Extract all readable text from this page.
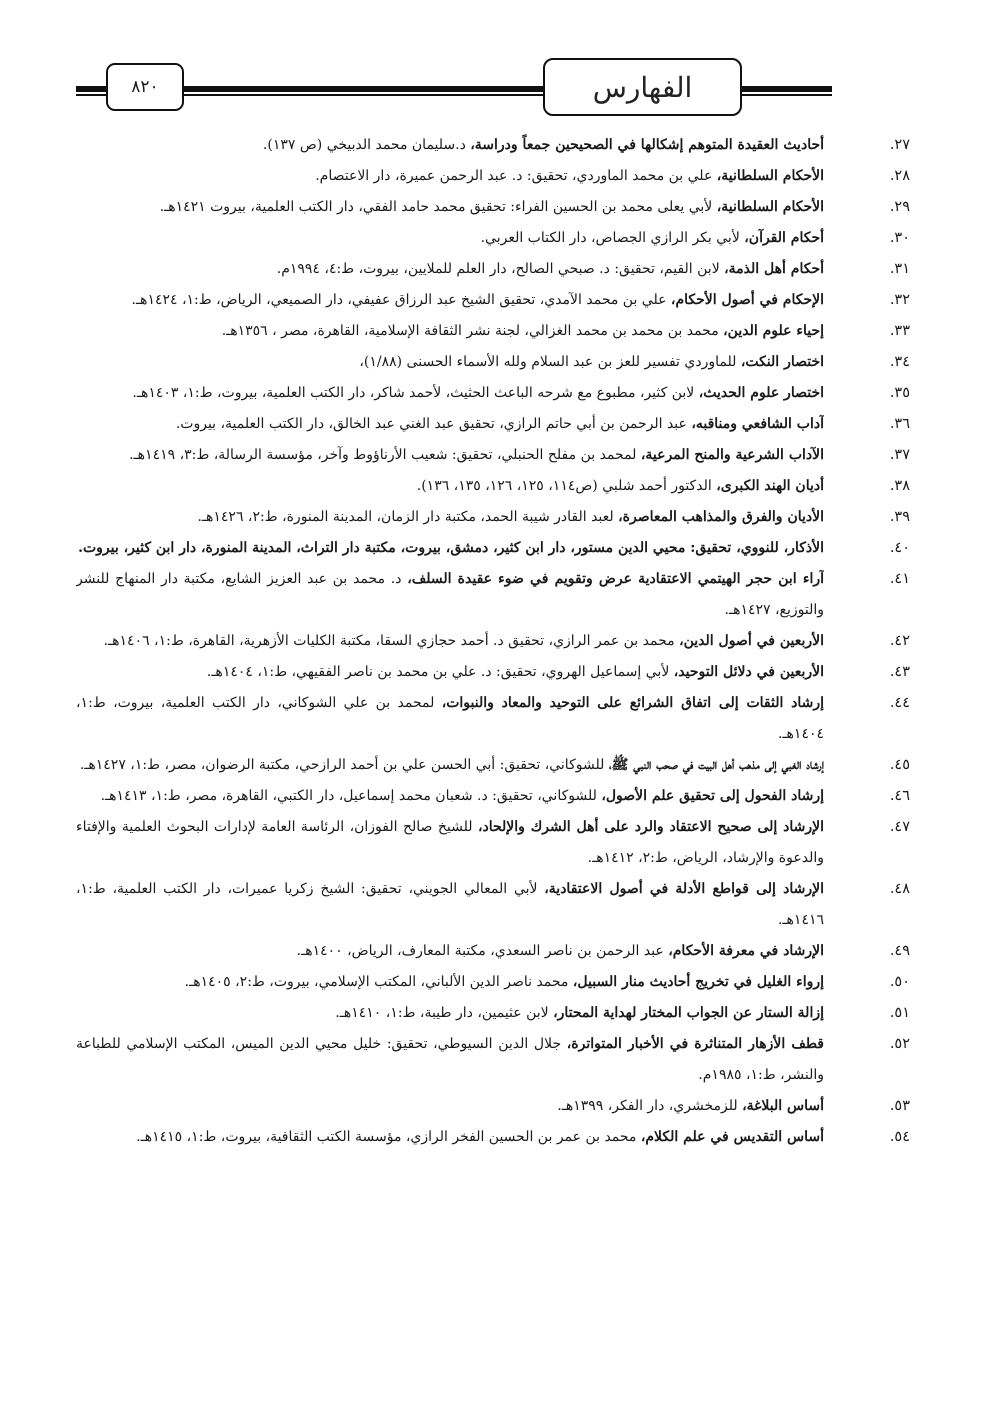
٨٢٠	الفهارس
٢٧.
أحاديث العقيدة المتوهم إشكالها في الصحيحين جمعاً ودراسة، د.سليمان محمد الدبيخي (ص ١٣٧).
٢٨.
الأحكام السلطانية، علي بن محمد الماوردي، تحقيق: د. عبد الرحمن عميرة، دار الاعتصام.
٢٩.
الأحكام السلطانية، لأبي يعلى محمد بن الحسين الفراء: تحقيق محمد حامد الفقي، دار الكتب العلمية، بيروت ١٤٢١هـ.
٣٠.
أحكام القرآن، لأبي بكر الرازي الجصاص، دار الكتاب العربي.
٣١.
أحكام أهل الذمة، لابن القيم، تحقيق: د. صبحي الصالح، دار العلم للملايين، بيروت، ط:٤، ١٩٩٤م.
٣٢.
الإحكام في أصول الأحكام، علي بن محمد الآمدي، تحقيق الشيخ عبد الرزاق عفيفي، دار الصميعي، الرياض، ط:١، ١٤٢٤هـ.
٣٣.
إحياء علوم الدين، محمد بن محمد بن محمد الغزالي، لجنة نشر الثقافة الإسلامية، القاهرة، مصر ، ١٣٥٦هـ.
٣٤.
اختصار النكت، للماوردي تفسير للعز بن عبد السلام ولله الأسماء الحسنى (١/٨٨)،
٣٥.
اختصار علوم الحديث، لابن كثير، مطبوع مع شرحه الباعث الحثيث، لأحمد شاكر، دار الكتب العلمية، بيروت، ط:١، ١٤٠٣هـ.
٣٦.
آداب الشافعي ومناقبه، عبد الرحمن بن أبي حاتم الرازي، تحقيق عبد الغني عبد الخالق، دار الكتب العلمية، بيروت.
٣٧.
الآداب الشرعية والمنح المرعية، لمحمد بن مفلح الحنبلي، تحقيق: شعيب الأرناؤوط وآخر، مؤسسة الرسالة، ط:٣، ١٤١٩هـ.
٣٨.
أديان الهند الكبرى، الدكتور أحمد شلبي (ص١١٤، ١٢٥، ١٢٦، ١٣٥، ١٣٦).
٣٩.
الأديان والفرق والمذاهب المعاصرة، لعبد القادر شيبة الحمد، مكتبة دار الزمان، المدينة المنورة، ط:٢، ١٤٢٦هـ.
٤٠.
الأذكار، للنووي، تحقيق: محيي الدين مستور، دار ابن كثير، دمشق، بيروت، مكتبة دار التراث، المدينة المنورة، دار ابن كثير، بيروت.
٤١.
آراء ابن حجر الهيتمي الاعتقادية عرض وتقويم في ضوء عقيدة السلف، د. محمد بن عبد العزيز الشايع، مكتبة دار المنهاج للنشر والتوزيع، ١٤٢٧هـ.
٤٢.
الأربعين في أصول الدين، محمد بن عمر الرازي، تحقيق د. أحمد حجازي السقا، مكتبة الكليات الأزهرية، القاهرة، ط:١، ١٤٠٦هـ.
٤٣.
الأربعين في دلائل التوحيد، لأبي إسماعيل الهروي، تحقيق: د. علي بن محمد بن ناصر الفقيهي، ط:١، ١٤٠٤هـ.
٤٤.
إرشاد الثقات إلى اتفاق الشرائع على التوحيد والمعاد والنبوات، لمحمد بن علي الشوكاني، دار الكتب العلمية، بيروت، ط:١، ١٤٠٤هـ.
٤٥.
إرشاد الغبي إلى مذهب أهل البيت في صحب النبي ﷺ، للشوكاني، تحقيق: أبي الحسن علي بن أحمد الرازحي، مكتبة الرضوان، مصر، ط:١، ١٤٢٧هـ.
٤٦.
إرشاد الفحول إلى تحقيق علم الأصول، للشوكاني، تحقيق: د. شعبان محمد إسماعيل، دار الكتبي، القاهرة، مصر، ط:١، ١٤١٣هـ.
٤٧.
الإرشاد إلى صحيح الاعتقاد والرد على أهل الشرك والإلحاد، للشيخ صالح الفوزان، الرئاسة العامة لإدارات البحوث العلمية والإفتاء والدعوة والإرشاد، الرياض، ط:٢، ١٤١٢هـ.
٤٨.
الإرشاد إلى قواطع الأدلة في أصول الاعتقادية، لأبي المعالي الجويني، تحقيق: الشيخ زكريا عميرات، دار الكتب العلمية، ط:١، ١٤١٦هـ.
٤٩.
الإرشاد في معرفة الأحكام، عبد الرحمن بن ناصر السعدي، مكتبة المعارف، الرياض، ١٤٠٠هـ.
٥٠.
إرواء الغليل في تخريج أحاديث منار السبيل، محمد ناصر الدين الألباني، المكتب الإسلامي، بيروت، ط:٢، ١٤٠٥هـ.
٥١.
إزالة الستار عن الجواب المختار لهداية المحتار، لابن عثيمين، دار طيبة، ط:١، ١٤١٠هـ.
٥٢.
قطف الأزهار المتناثرة في الأخبار المتواترة، جلال الدين السيوطي، تحقيق: خليل محيي الدين الميس، المكتب الإسلامي للطباعة والنشر، ط:١، ١٩٨٥م.
٥٣.
أساس البلاغة، للزمخشري، دار الفكر، ١٣٩٩هـ.
٥٤.
أساس التقديس في علم الكلام، محمد بن عمر بن الحسين الفخر الرازي، مؤسسة الكتب الثقافية، بيروت، ط:١، ١٤١٥هـ.
